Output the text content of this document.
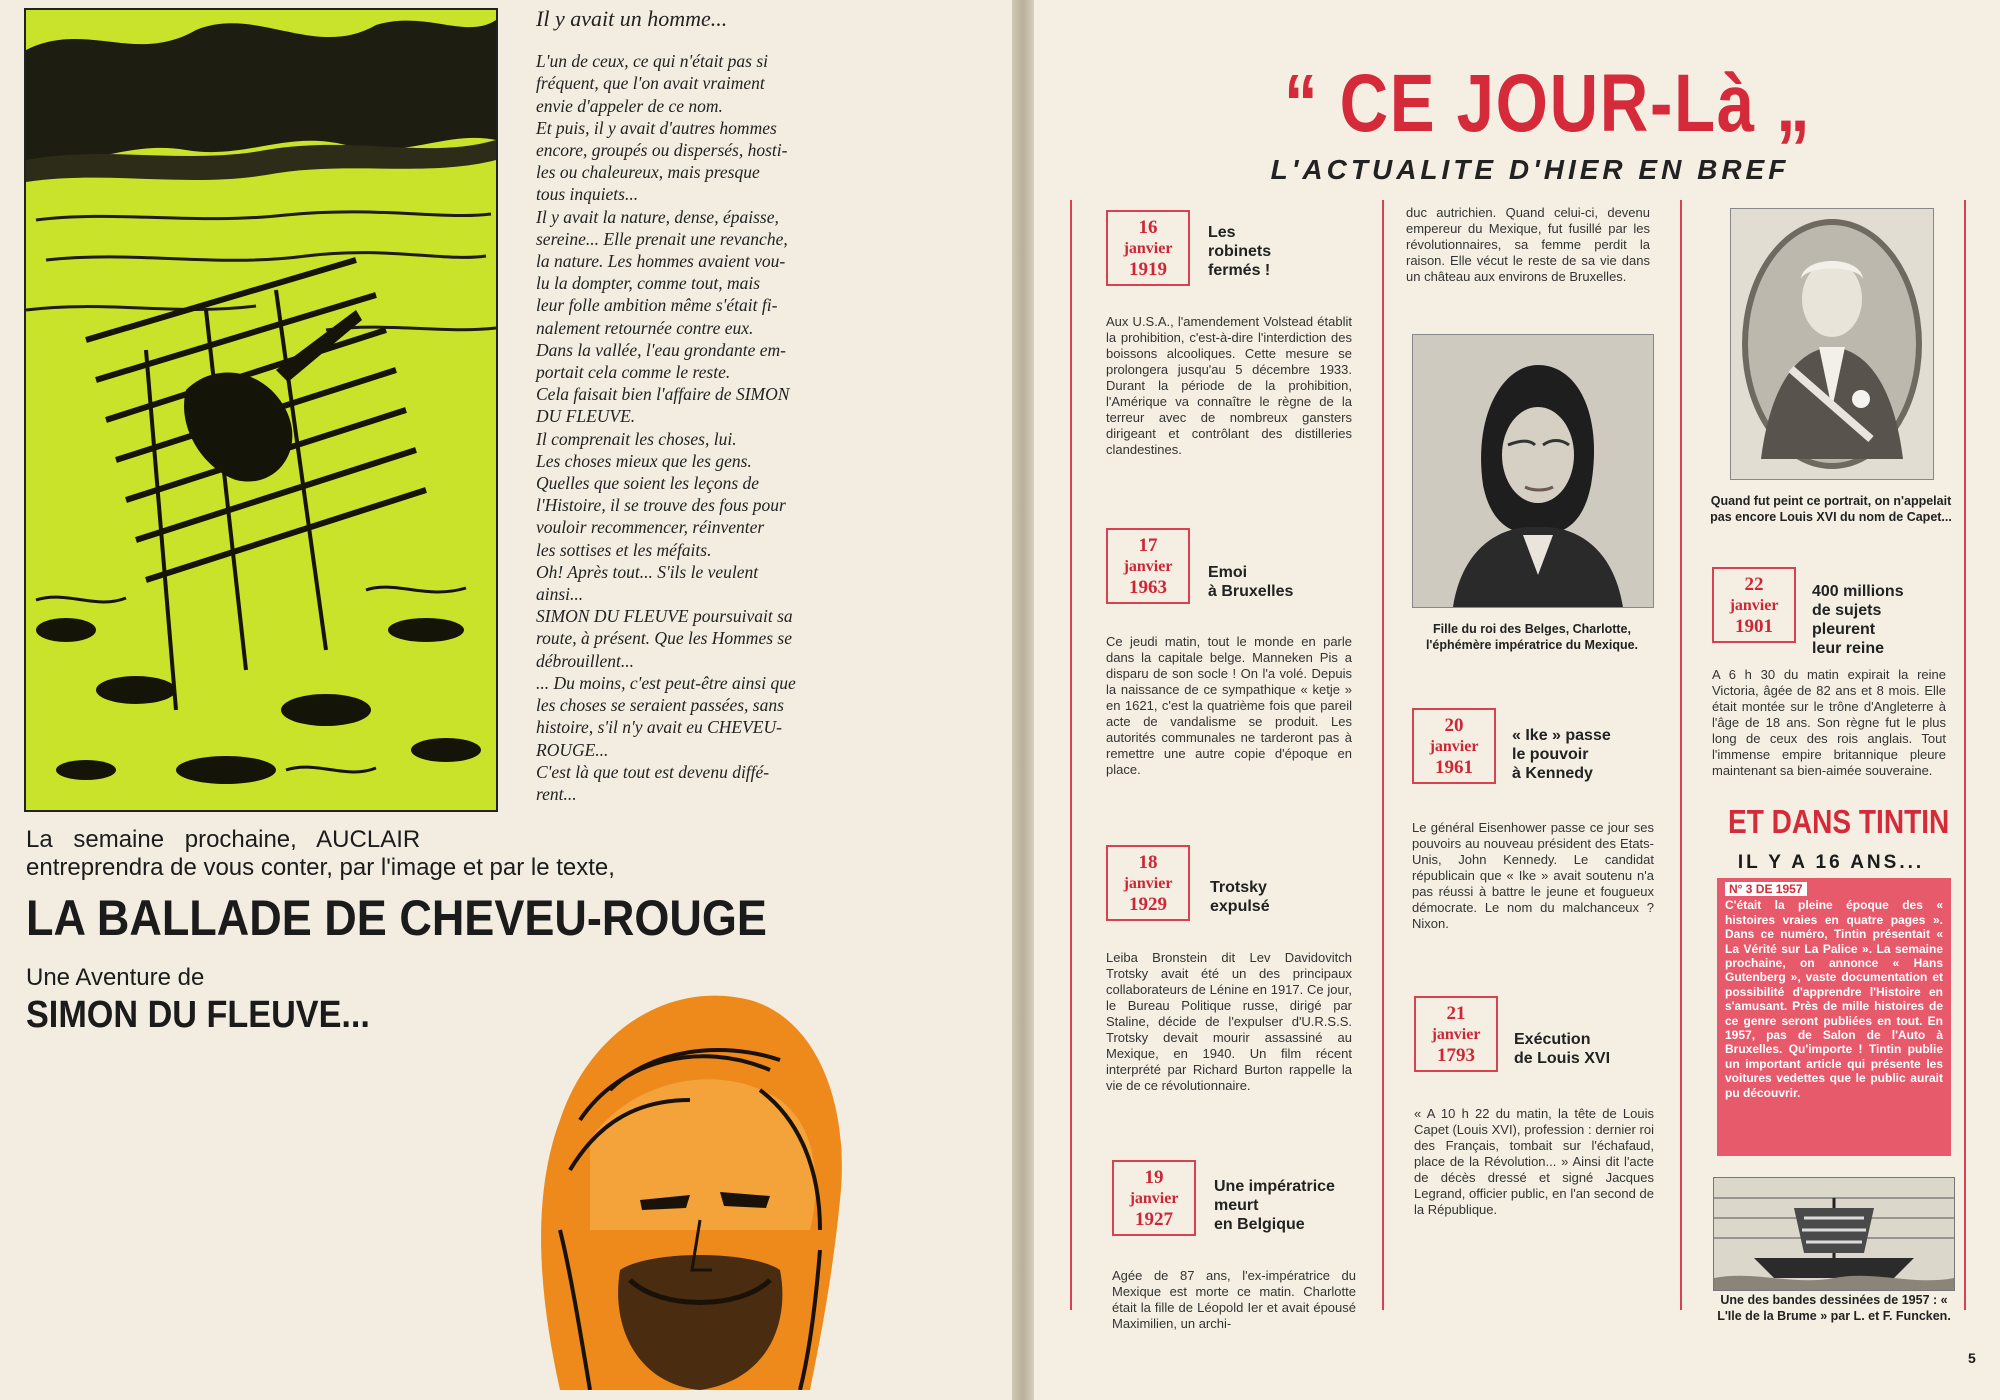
Il y avait un homme...

L'un de ceux, ce qui n'était pas si

fréquent, que l'on avait vraiment

envie d'appeler de ce nom.

Et puis, il y avait d'autres hommes

encore, groupés ou dispersés, hosti-

les ou chaleureux, mais presque

tous inquiets...

Il y avait la nature, dense, épaisse,

sereine... Elle prenait une revanche,

la nature. Les hommes avaient vou-

lu la dompter, comme tout, mais

leur folle ambition même s'était fi-

nalement retournée contre eux.

Dans la vallée, l'eau grondante em-

portait cela comme le reste.

Cela faisait bien l'affaire de SIMON

DU FLEUVE.

Il comprenait les choses, lui.

Les choses mieux que les gens.

Quelles que soient les leçons de

l'Histoire, il se trouve des fous pour

vouloir recommencer, réinventer

les sottises et les méfaits.

Oh! Après tout... S'ils le veulent

ainsi...

SIMON DU FLEUVE poursuivait sa

route, à présent. Que les Hommes se

débrouillent...

... Du moins, c'est peut-être ainsi que

les choses se seraient passées, sans

histoire, s'il n'y avait eu CHEVEU-

ROUGE...

C'est là que tout est devenu diffé-

rent...

La semaine prochaine, AUCLAIR
entreprendra de vous conter, par l'image et par le texte,
LA BALLADE DE CHEVEU-ROUGE
Une Aventure de
SIMON DU FLEUVE...
“ CE JOUR-Là „
L'ACTUALITE D'HIER EN BREF
16
janvier
1919
Les
robinets
fermés !

Aux U.S.A., l'amendement Volstead établit la prohibition, c'est-à-dire l'interdiction des boissons alcooliques. Cette mesure se prolongera jusqu'au 5 décembre 1933. Durant la période de la prohibition, l'Amérique va connaître le règne de la terreur avec de nombreux gansters dirigeant et contrôlant des distilleries clandestines.

17
janvier
1963
Emoi
à Bruxelles

Ce jeudi matin, tout le monde en parle dans la capitale belge. Manneken Pis a disparu de son socle ! On l'a volé. Depuis la naissance de ce sympathique « ketje » en 1621, c'est la quatrième fois que pareil acte de vandalisme se produit. Les autorités communales ne tarderont pas à remettre une autre copie d'époque en place.

18
janvier
1929
Trotsky
expulsé

Leiba Bronstein dit Lev Davidovitch Trotsky avait été un des principaux collaborateurs de Lénine en 1917. Ce jour, le Bureau Politique russe, dirigé par Staline, décide de l'expulser d'U.R.S.S. Trotsky devait mourir assassiné au Mexique, en 1940. Un film récent interprété par Richard Burton rappelle la vie de ce révolutionnaire.

19
janvier
1927
Une impératrice
meurt
en Belgique

Agée de 87 ans, l'ex-impératrice du Mexique est morte ce matin. Charlotte était la fille de Léopold Ier et avait épousé Maximilien, un archi-

duc autrichien. Quand celui-ci, devenu empereur du Mexique, fut fusillé par les révolutionnaires, sa femme perdit la raison. Elle vécut le reste de sa vie dans un château aux environs de Bruxelles.

Fille du roi des Belges, Charlotte, l'éphémère impératrice du Mexique.
20
janvier
1961
« Ike » passe
le pouvoir
à Kennedy

Le général Eisenhower passe ce jour ses pouvoirs au nouveau président des Etats-Unis, John Kennedy. Le candidat républicain que « Ike » avait soutenu n'a pas réussi à battre le jeune et fougueux démocrate. Le nom du malchanceux ? Nixon.

21
janvier
1793
Exécution
de Louis XVI

« A 10 h 22 du matin, la tête de Louis Capet (Louis XVI), profession : dernier roi des Français, tombait sur l'échafaud, place de la Révolution... » Ainsi dit l'acte de décès dressé et signé Jacques Legrand, officier public, en l'an second de la République.

Quand fut peint ce portrait, on n'appelait pas encore Louis XVI du nom de Capet...
22
janvier
1901
400 millions
de sujets
pleurent
leur reine

A 6 h 30 du matin expirait la reine Victoria, âgée de 82 ans et 8 mois. Elle était montée sur le trône d'Angleterre à l'âge de 18 ans. Son règne fut le plus long de ceux des rois anglais. Tout l'immense empire britannique pleure maintenant sa bien-aimée souveraine.

ET DANS TINTIN
IL Y A 16 ANS...
N° 3 DE 1957

C'était la pleine époque des « histoires vraies en quatre pages ». Dans ce numéro, Tintin présentait « La Vérité sur La Palice ». La semaine prochaine, on annonce « Hans Gutenberg », vaste documentation et possibilité d'apprendre l'Histoire en s'amusant. Près de mille histoires de ce genre seront publiées en tout. En 1957, pas de Salon de l'Auto à Bruxelles. Qu'importe ! Tintin publie un important article qui présente les voitures vedettes que le public aurait pu découvrir.

Une des bandes dessinées de 1957 : « L'Ile de la Brume » par L. et F. Funcken.
5
